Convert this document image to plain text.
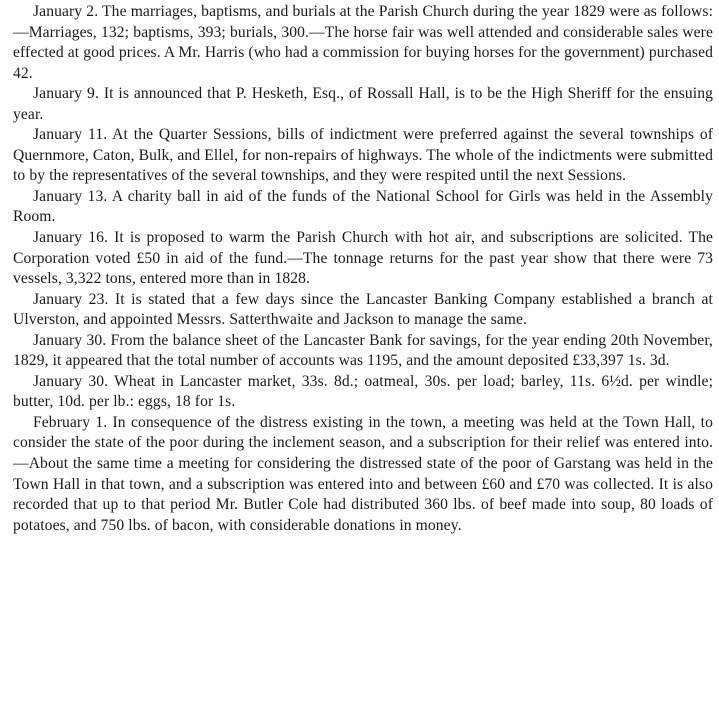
January 2. The marriages, baptisms, and burials at the Parish Church during the year 1829 were as follows:—Marriages, 132; baptisms, 393; burials, 300.—The horse fair was well attended and considerable sales were effected at good prices. A Mr. Harris (who had a commission for buying horses for the government) purchased 42.

January 9. It is announced that P. Hesketh, Esq., of Rossall Hall, is to be the High Sheriff for the ensuing year.

January 11. At the Quarter Sessions, bills of indictment were preferred against the several townships of Quernmore, Caton, Bulk, and Ellel, for non-repairs of highways. The whole of the indictments were submitted to by the representatives of the several townships, and they were respited until the next Sessions.

January 13. A charity ball in aid of the funds of the National School for Girls was held in the Assembly Room.

January 16. It is proposed to warm the Parish Church with hot air, and subscriptions are solicited. The Corporation voted £50 in aid of the fund.—The tonnage returns for the past year show that there were 73 vessels, 3,322 tons, entered more than in 1828.

January 23. It is stated that a few days since the Lancaster Banking Company established a branch at Ulverston, and appointed Messrs. Satterthwaite and Jackson to manage the same.

January 30. From the balance sheet of the Lancaster Bank for savings, for the year ending 20th November, 1829, it appeared that the total number of accounts was 1195, and the amount deposited £33,397 1s. 3d.

January 30. Wheat in Lancaster market, 33s. 8d.; oatmeal, 30s. per load; barley, 11s. 6½d. per windle; butter, 10d. per lb.: eggs, 18 for 1s.

February 1. In consequence of the distress existing in the town, a meeting was held at the Town Hall, to consider the state of the poor during the inclement season, and a subscription for their relief was entered into.—About the same time a meeting for considering the distressed state of the poor of Garstang was held in the Town Hall in that town, and a subscription was entered into and between £60 and £70 was collected. It is also recorded that up to that period Mr. Butler Cole had distributed 360 lbs. of beef made into soup, 80 loads of potatoes, and 750 lbs. of bacon, with considerable donations in money.
